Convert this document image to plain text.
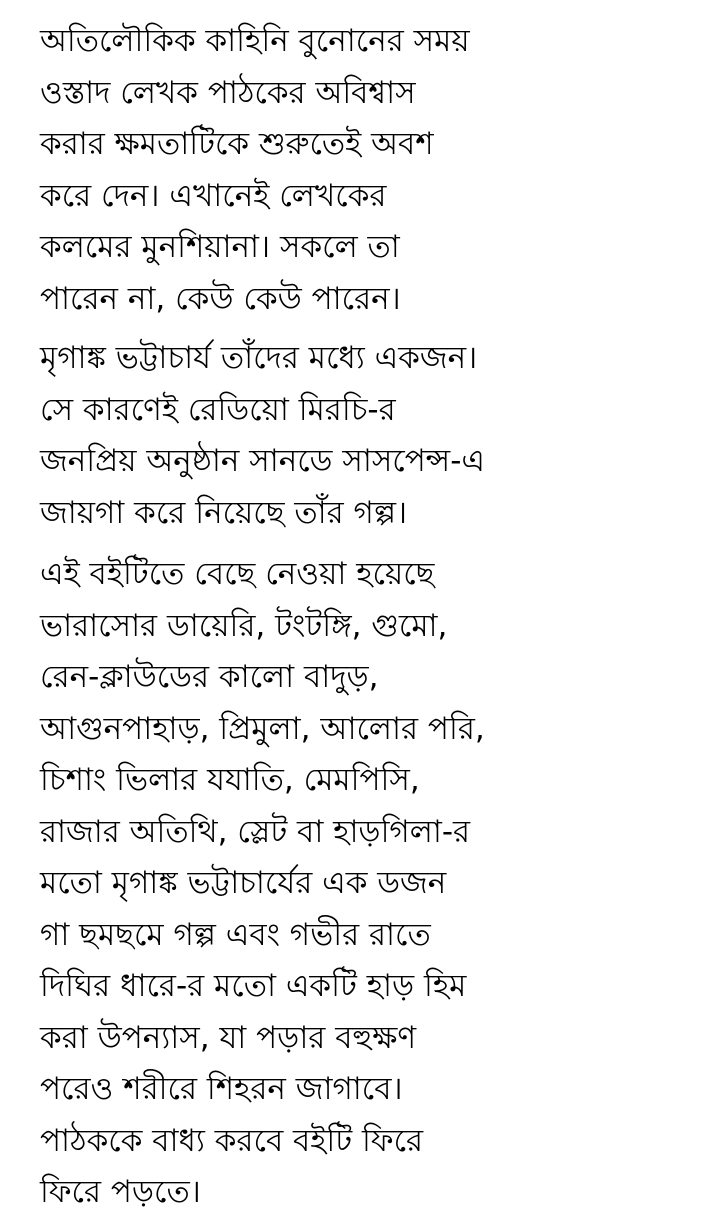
অতিলৌকিক কাহিনি বুনোনের সময়
ওস্তাদ লেখক পাঠকের অবিশ্বাস
করার ক্ষমতাটিকে শুরুতেই অবশ
করে দেন। এখানেই লেখকের
কলমের মুনশিয়ানা। সকলে তা
পারেন না, কেউ কেউ পারেন।
মৃগাঙ্ক ভট্টাচার্য তাঁদের মধ্যে একজন।
সে কারণেই রেডিয়ো মিরচি-র
জনপ্রিয় অনুষ্ঠান সানডে সাসপেন্স-এ
জায়গা করে নিয়েছে তাঁর গল্প।
এই বইটিতে বেছে নেওয়া হয়েছে
ভারাসোর ডায়েরি, টংটঙ্গি, গুমো,
রেন-ক্লাউডের কালো বাদুড়,
আগুনপাহাড়, প্রিমুলা, আলোর পরি,
চিশাং ভিলার যযাতি, মেমপিসি,
রাজার অতিথি, স্লেট বা হাড়গিলা-র
মতো মৃগাঙ্ক ভট্টাচার্যের এক ডজন
গা ছমছমে গল্প এবং গভীর রাতে
দিঘির ধারে-র মতো একটি হাড় হিম
করা উপন্যাস, যা পড়ার বহুক্ষণ
পরেও শরীরে শিহরন জাগাবে।
পাঠককে বাধ্য করবে বইটি ফিরে
ফিরে পড়তে।
